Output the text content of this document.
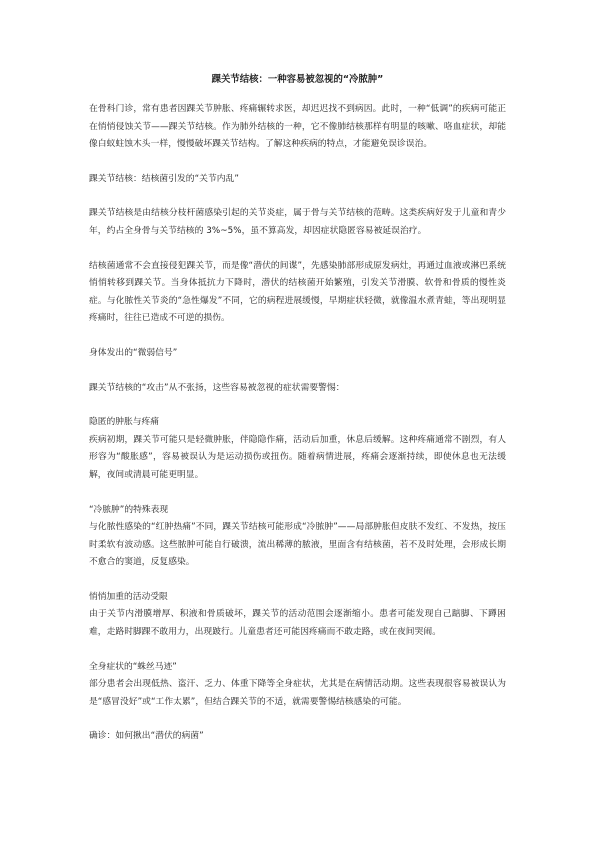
踝关节结核：一种容易被忽视的“冷脓肿”

在骨科门诊，常有患者因踝关节肿胀、疼痛辗转求医，却迟迟找不到病因。此时，一种“低调”的疾病可能正在悄悄侵蚀关节——踝关节结核。作为肺外结核的一种，它不像肺结核那样有明显的咳嗽、咯血症状，却能像白蚁蛀蚀木头一样，慢慢破坏踝关节结构。了解这种疾病的特点，才能避免误诊误治。

踝关节结核：结核菌引发的“关节内乱”

踝关节结核是由结核分枝杆菌感染引起的关节炎症，属于骨与关节结核的范畴。这类疾病好发于儿童和青少年，约占全身骨与关节结核的 3%~5%，虽不算高发，却因症状隐匿容易被延误治疗。

结核菌通常不会直接侵犯踝关节，而是像“潜伏的间谍”，先感染肺部形成原发病灶，再通过血液或淋巴系统悄悄转移到踝关节。当身体抵抗力下降时，潜伏的结核菌开始繁殖，引发关节滑膜、软骨和骨质的慢性炎症。与化脓性关节炎的“急性爆发”不同，它的病程进展缓慢，早期症状轻微，就像温水煮青蛙，等出现明显疼痛时，往往已造成不可逆的损伤。

身体发出的“微弱信号”

踝关节结核的“攻击”从不张扬，这些容易被忽视的症状需要警惕：

隐匿的肿胀与疼痛

疾病初期，踝关节可能只是轻微肿胀，伴隐隐作痛，活动后加重，休息后缓解。这种疼痛通常不剧烈，有人形容为“酸胀感”，容易被误认为是运动损伤或扭伤。随着病情进展，疼痛会逐渐持续，即使休息也无法缓解，夜间或清晨可能更明显。

“冷脓肿”的特殊表现

与化脓性感染的“红肿热痛”不同，踝关节结核可能形成“冷脓肿”——局部肿胀但皮肤不发红、不发热，按压时柔软有波动感。这些脓肿可能自行破溃，流出稀薄的脓液，里面含有结核菌，若不及时处理，会形成长期不愈合的窦道，反复感染。

悄悄加重的活动受限

由于关节内滑膜增厚、积液和骨质破坏，踝关节的活动范围会逐渐缩小。患者可能发现自己踮脚、下蹲困难，走路时脚踝不敢用力，出现跛行。儿童患者还可能因疼痛而不敢走路，或在夜间哭闹。

全身症状的“蛛丝马迹”

部分患者会出现低热、盗汗、乏力、体重下降等全身症状，尤其是在病情活动期。这些表现很容易被误认为是“感冒没好”或“工作太累”，但结合踝关节的不适，就需要警惕结核感染的可能。

确诊：如何揪出“潜伏的病菌”
